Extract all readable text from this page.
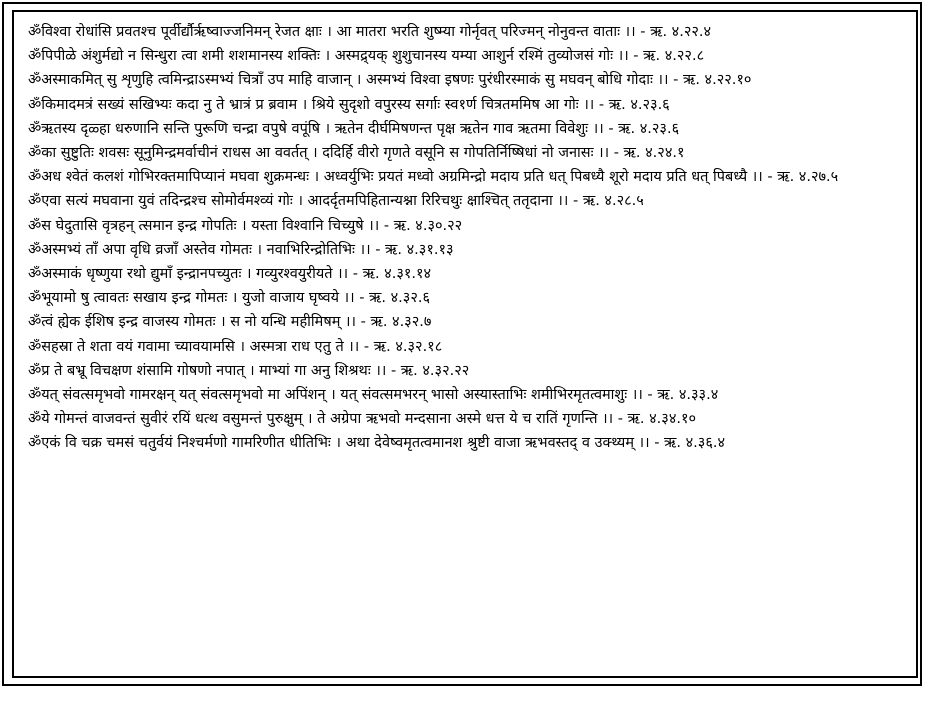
ॐविश्वा रोधांसि प्रवतश्च पूर्वीर्द्यौरृष्वाज्जनिमन् रेजत क्षाः । आ मातरा भरति शुष्म्या गोर्नृवत् परिज्मन् नोनुवन्त वाताः ।। - ऋ. ४.२२.४

ॐपिपीळे अंशुर्मद्यो न सिन्धुरा त्वा शमी शशमानस्य शक्तिः । अस्मद्र्यक् शुशुचानस्य यम्या आशुर्न रश्मिं तुव्योजसं गोः ।। - ऋ. ४.२२.८

ॐअस्माकमित् सु शृणुहि त्वमिन्द्राऽस्मभ्यं चित्राँ उप माहि वाजान् । अस्मभ्यं विश्वा इषणः पुरंधीरस्माकं सु मघवन् बोधि गोदाः ।। - ऋ. ४.२२.१०

ॐकिमादमत्रं सख्यं सखिभ्यः कदा नु ते भ्रात्रं प्र ब्रवाम । श्रिये सुदृशो वपुरस्य सर्गाः स्व१र्ण चित्रतममिष आ गोः ।। - ऋ. ४.२३.६

ॐऋतस्य दृळ्हा धरुणानि सन्ति पुरूणि चन्द्रा वपुषे वपूंषि । ऋतेन दीर्घमिषणन्त पृक्ष ऋतेन गाव ऋतमा विवेशुः ।। - ऋ. ४.२३.६

ॐका सुष्टुतिः शवसः सूनुमिन्द्रमर्वाचीनं राधस आ ववर्तत् । ददिर्हि वीरो गृणते वसूनि स गोपतिर्निष्षिधां नो जनासः ।। - ऋ. ४.२४.१

ॐअध श्वेतं कलशं गोभिरक्तमापिप्यानं मघवा शुक्रमन्धः । अध्वर्युभिः प्रयतं मध्वो अग्रमिन्द्रो मदाय प्रति धत् पिबध्यै शूरो मदाय प्रति धत् पिबध्यै ।। - ऋ. ४.२७.५

ॐएवा सत्यं मघवाना युवं तदिन्द्रश्च सोमोर्वमश्व्यं गोः । आदर्दृतमपिहितान्यश्ना रिरिचथुः क्षाश्चित् ततृदाना ।। - ऋ. ४.२८.५

ॐस घेदुतासि वृत्रहन् त्समान इन्द्र गोपतिः । यस्ता विश्वानि चिच्युषे ।। - ऋ. ४.३०.२२

ॐअस्मभ्यं ताँ अपा वृधि व्रजाँ अस्तेव गोमतः । नवाभिरिन्द्रोतिभिः ।। - ऋ. ४.३१.१३

ॐअस्माकं धृष्णुया रथो द्युमाँ इन्द्रानपच्युतः । गव्युरश्वयुरीयते ।। - ऋ. ४.३१.१४

ॐभूयामो षु त्वावतः सखाय इन्द्र गोमतः । युजो वाजाय घृष्वये ।। - ऋ. ४.३२.६

ॐत्वं ह्येक ईशिष इन्द्र वाजस्य गोमतः । स नो यन्धि महीमिषम् ।। - ऋ. ४.३२.७

ॐसहस्रा ते शता वयं गवामा च्यावयामसि । अस्मत्रा राध एतु ते ।। - ऋ. ४.३२.१८

ॐप्र ते बभ्रू विचक्षण शंसामि गोषणो नपात् । माभ्यां गा अनु शिश्रथः ।। - ऋ. ४.३२.२२

ॐयत् संवत्समृभवो गामरक्षन् यत् संवत्समृभवो मा अपिंशन् । यत् संवत्समभरन् भासो अस्यास्ताभिः शमीभिरमृतत्वमाशुः ।। - ऋ. ४.३३.४

ॐये गोमन्तं वाजवन्तं सुवीरं रयिं धत्थ वसुमन्तं पुरुक्षुम् । ते अग्रेपा ऋभवो मन्दसाना अस्मे धत्त ये च रातिं गृणन्ति ।। - ऋ. ४.३४.१०

ॐएकं वि चक्र चमसं चतुर्वयं निश्चर्मणो गामरिणीत धीतिभिः । अथा देवेष्वमृतत्वमानश श्रुष्टी वाजा ऋभवस्तद् व उक्थ्यम् ।। - ऋ. ४.३६.४
